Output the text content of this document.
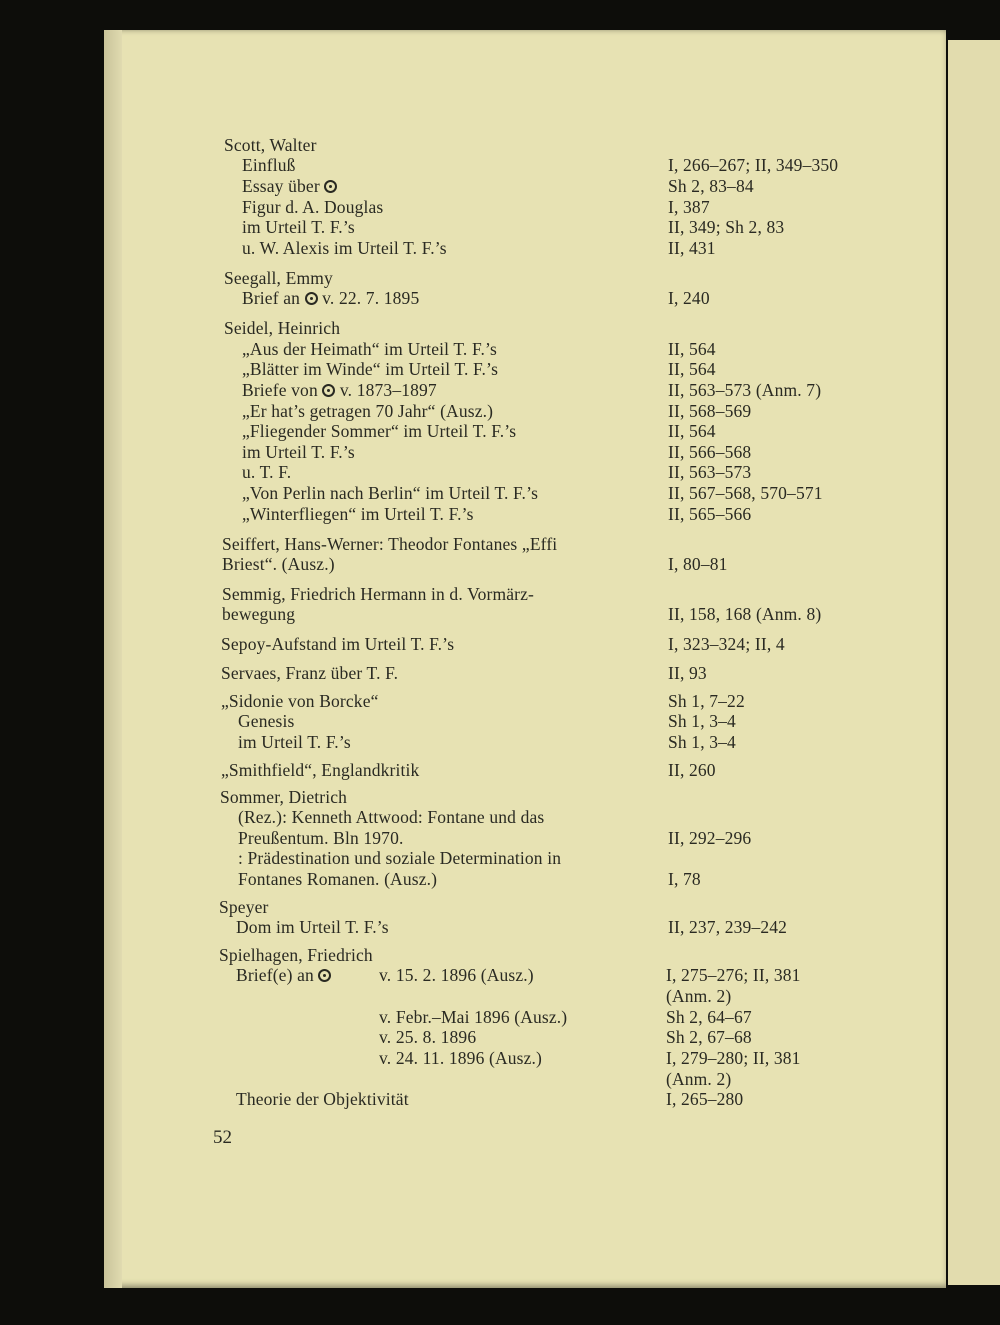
Scott, Walter
Einfluß	I, 266–267; II, 349–350
Essay über	Sh 2, 83–84
Figur d. A. Douglas	I, 387
im Urteil T. F.’s	II, 349; Sh 2, 83
u. W. Alexis im Urteil T. F.’s	II, 431
Seegall, Emmy
Brief an v. 22. 7. 1895	I, 240
Seidel, Heinrich
„Aus der Heimath“ im Urteil T. F.’s	II, 564
„Blätter im Winde“ im Urteil T. F.’s	II, 564
Briefe von v. 1873–1897	II, 563–573 (Anm. 7)
„Er hat’s getragen 70 Jahr“ (Ausz.)	II, 568–569
„Fliegender Sommer“ im Urteil T. F.’s	II, 564
im Urteil T. F.’s	II, 566–568
u. T. F.	II, 563–573
„Von Perlin nach Berlin“ im Urteil T. F.’s	II, 567–568, 570–571
„Winterfliegen“ im Urteil T. F.’s	II, 565–566
Seiffert, Hans-Werner: Theodor Fontanes „Effi
Briest“. (Ausz.)	I, 80–81
Semmig, Friedrich Hermann in d. Vormärz-
bewegung	II, 158, 168 (Anm. 8)
Sepoy-Aufstand im Urteil T. F.’s	I, 323–324; II, 4
Servaes, Franz über T. F.	II, 93
„Sidonie von Borcke“	Sh 1, 7–22
Genesis	Sh 1, 3–4
im Urteil T. F.’s	Sh 1, 3–4
„Smithfield“, Englandkritik	II, 260
Sommer, Dietrich
(Rez.): Kenneth Attwood: Fontane und das
Preußentum. Bln 1970.	II, 292–296
: Prädestination und soziale Determination in
Fontanes Romanen. (Ausz.)	I, 78
Speyer
Dom im Urteil T. F.’s	II, 237, 239–242
Spielhagen, Friedrich
Brief(e) an	v. 15. 2. 1896 (Ausz.)	I, 275–276; II, 381
(Anm. 2)
v. Febr.–Mai 1896 (Ausz.)	Sh 2, 64–67
v. 25. 8. 1896	Sh 2, 67–68
v. 24. 11. 1896 (Ausz.)	I, 279–280; II, 381
(Anm. 2)
Theorie der Objektivität	I, 265–280
52
